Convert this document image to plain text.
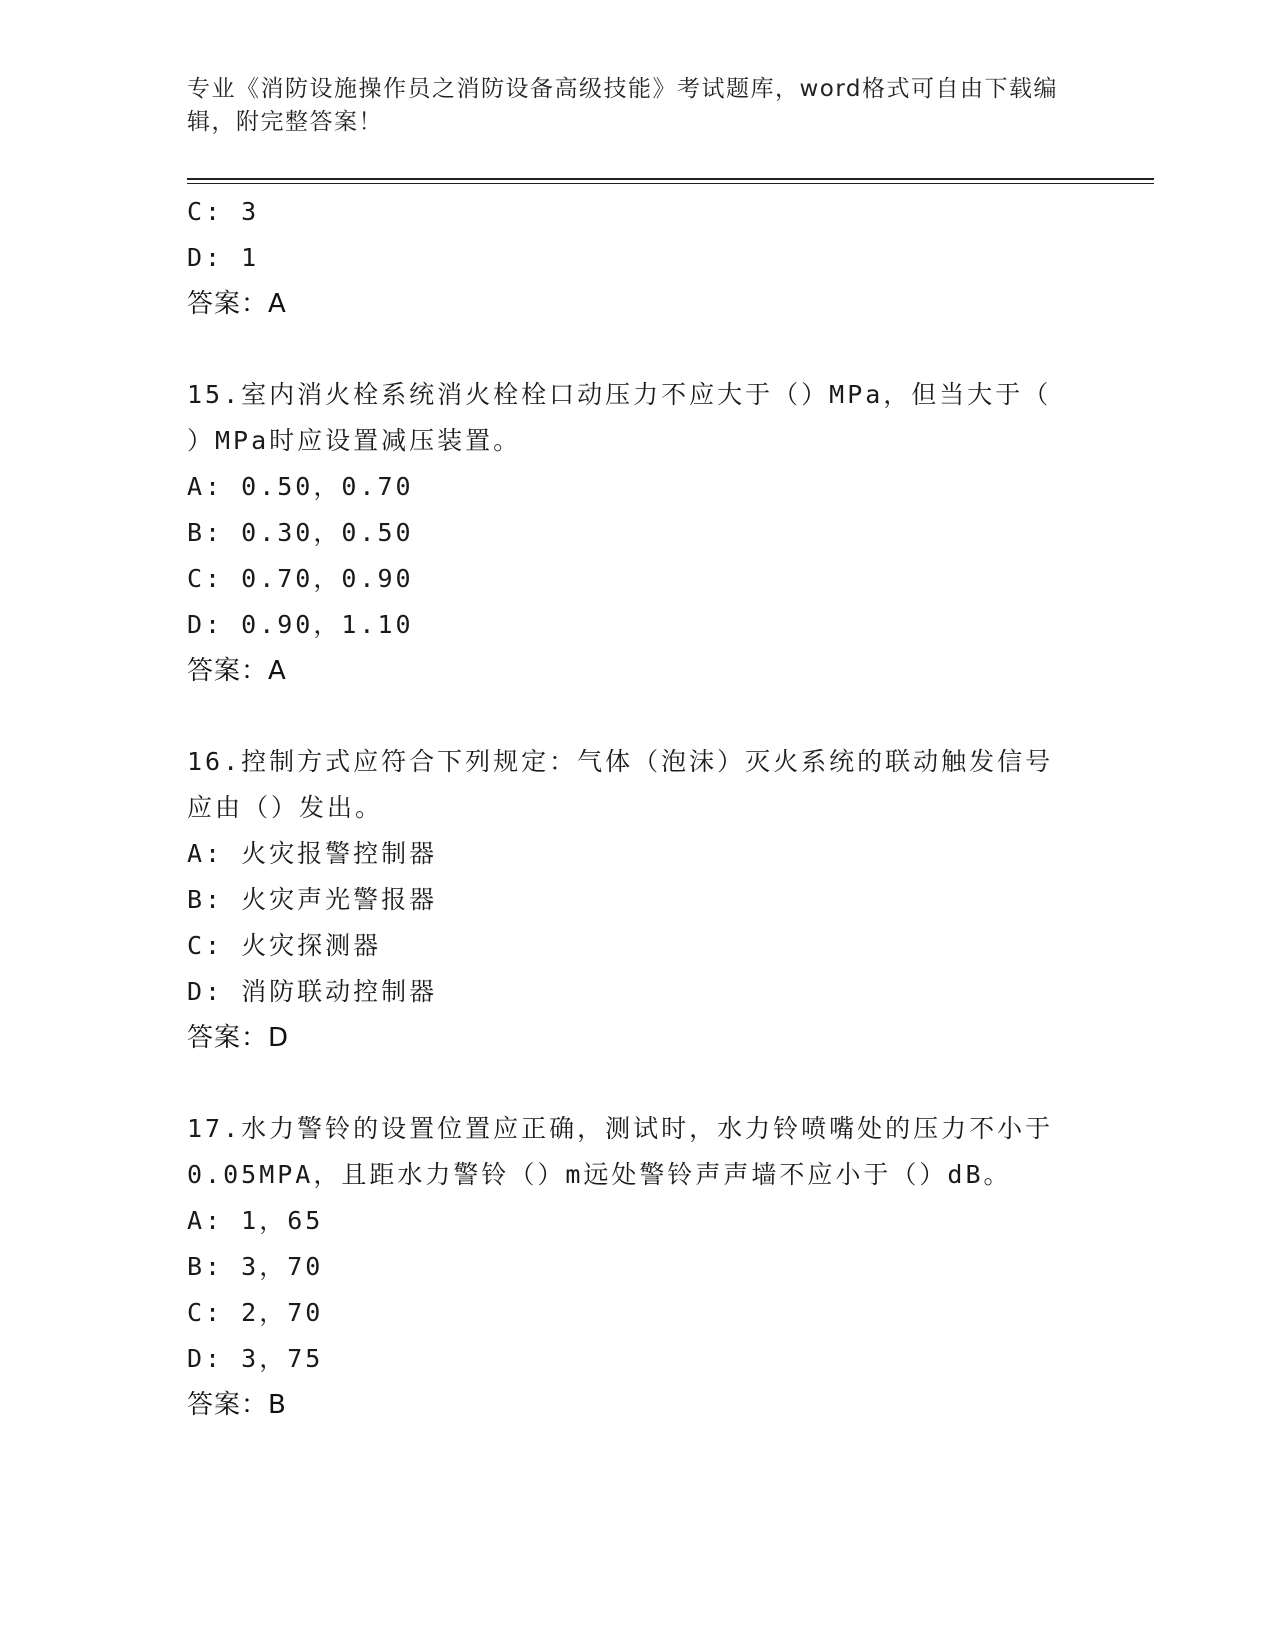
专业《消防设施操作员之消防设备高级技能》考试题库，word格式可自由下载编
辑，附完整答案！
C: 3
D: 1
答案：A
15.室内消火栓系统消火栓栓口动压力不应大于（）MPa，但当大于（
）MPa时应设置减压装置。
A: 0.50，0.70
B: 0.30，0.50
C: 0.70，0.90
D: 0.90，1.10
答案：A
16.控制方式应符合下列规定：气体（泡沫）灭火系统的联动触发信号
应由（）发出。
A: 火灾报警控制器
B: 火灾声光警报器
C: 火灾探测器
D: 消防联动控制器
答案：D
17.水力警铃的设置位置应正确，测试时，水力铃喷嘴处的压力不小于
0.05MPA，且距水力警铃（）m远处警铃声声墙不应小于（）dB。
A: 1，65
B: 3，70
C: 2，70
D: 3，75
答案：B
